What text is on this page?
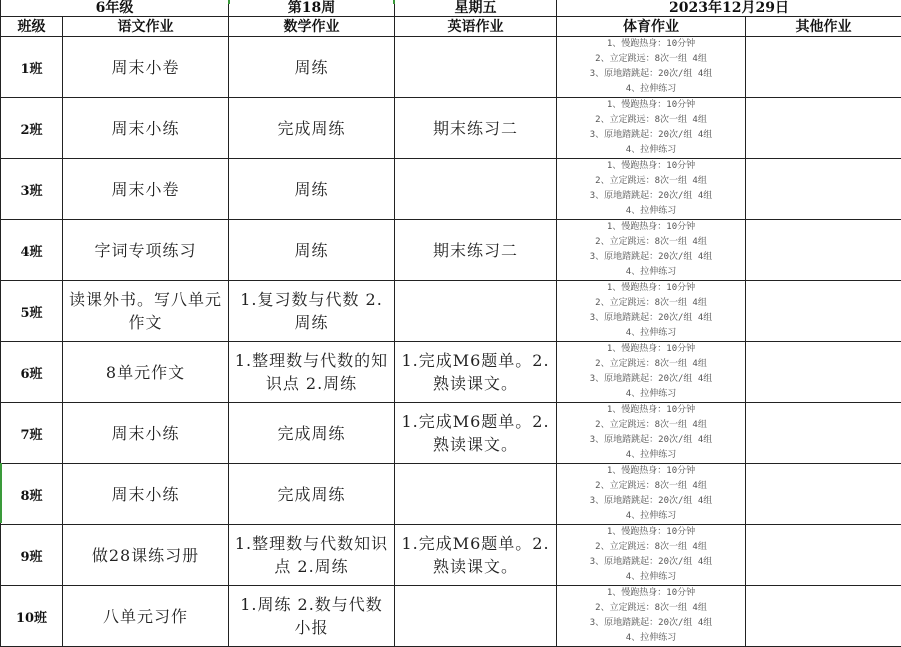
6年级		第18周	星期五	2023年12月29日	
班级	语文作业	数学作业	英语作业	体育作业	其他作业
1班	周末小卷	周练		1、慢跑热身：10分钟
2、立定跳远：8次一组 4组
3、原地踏跳起：20次/组 4组
4、拉伸练习	

2班	周末小练	完成周练	期末练习二	1、慢跑热身：10分钟
2、立定跳远：8次一组 4组
3、原地踏跳起：20次/组 4组
4、拉伸练习	

3班	周末小卷	周练		1、慢跑热身：10分钟
2、立定跳远：8次一组 4组
3、原地踏跳起：20次/组 4组
4、拉伸练习	

4班	字词专项练习	周练	期末练习二	1、慢跑热身：10分钟
2、立定跳远：8次一组 4组
3、原地踏跳起：20次/组 4组
4、拉伸练习	

5班	读课外书。写八单元作文	1.复习数与代数 2.周练		1、慢跑热身：10分钟
2、立定跳远：8次一组 4组
3、原地踏跳起：20次/组 4组
4、拉伸练习	

6班	8单元作文	1.整理数与代数的知识点 2.周练	1.完成M6题单。2.熟读课文。	1、慢跑热身：10分钟
2、立定跳远：8次一组 4组
3、原地踏跳起：20次/组 4组
4、拉伸练习	

7班	周末小练	完成周练	1.完成M6题单。2.熟读课文。	1、慢跑热身：10分钟
2、立定跳远：8次一组 4组
3、原地踏跳起：20次/组 4组
4、拉伸练习	

8班	周末小练	完成周练		1、慢跑热身：10分钟
2、立定跳远：8次一组 4组
3、原地踏跳起：20次/组 4组
4、拉伸练习	

9班	做28课练习册	1.整理数与代数知识点 2.周练	1.完成M6题单。2.熟读课文。	1、慢跑热身：10分钟
2、立定跳远：8次一组 4组
3、原地踏跳起：20次/组 4组
4、拉伸练习	

10班	八单元习作	1.周练 2.数与代数小报		1、慢跑热身：10分钟
2、立定跳远：8次一组 4组
3、原地踏跳起：20次/组 4组
4、拉伸练习	
